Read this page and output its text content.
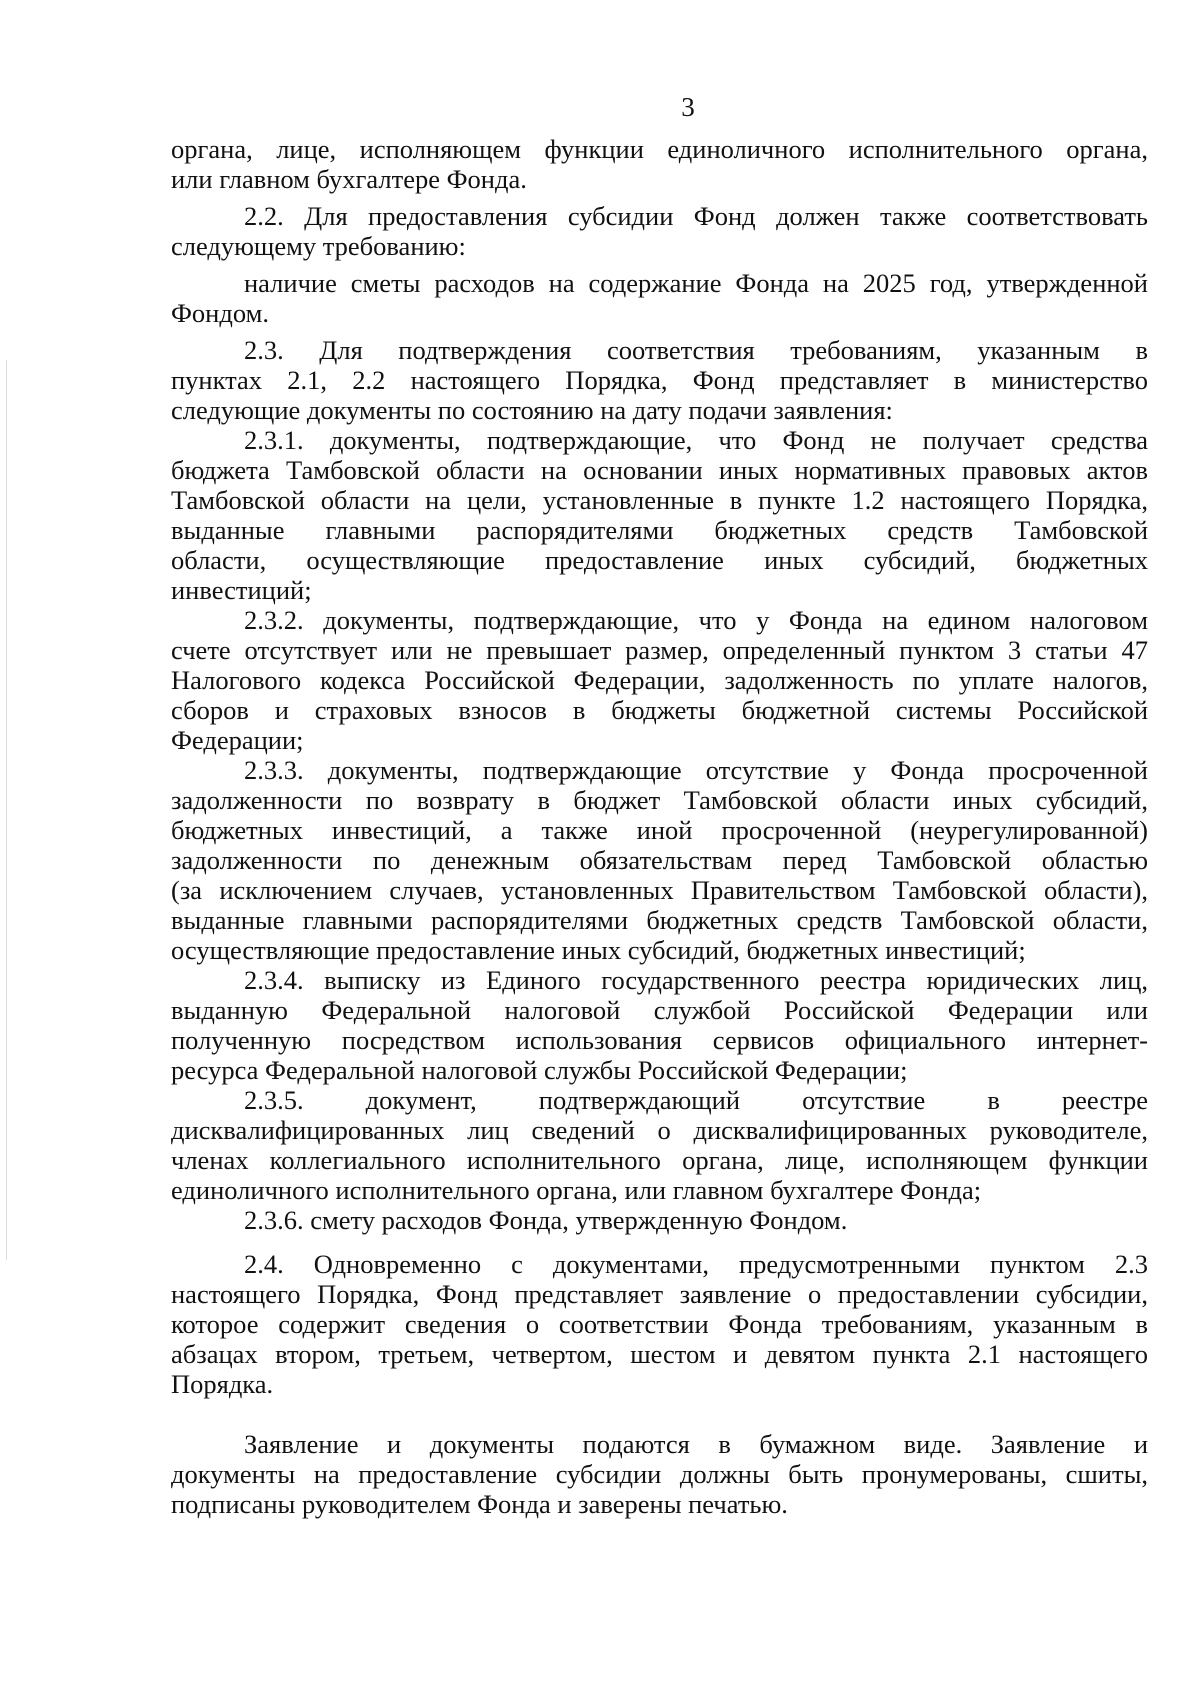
3

органа, лице, исполняющем функции единоличного исполнительного органа,
или главном бухгалтере Фонда.

2.2. Для предоставления субсидии Фонд должен также соответствовать
следующему требованию:

наличие сметы расходов на содержание Фонда на 2025 год, утвержденной
Фондом.

2.3. Для подтверждения соответствия требованиям, указанным в
пунктах 2.1, 2.2 настоящего Порядка, Фонд представляет в министерство
следующие документы по состоянию на дату подачи заявления:

2.3.1. документы, подтверждающие, что Фонд не получает средства
бюджета Тамбовской области на основании иных нормативных правовых актов
Тамбовской области на цели, установленные в пункте 1.2 настоящего Порядка,
выданные главными распорядителями бюджетных средств Тамбовской
области, осуществляющие предоставление иных субсидий, бюджетных
инвестиций;

2.3.2. документы, подтверждающие, что у Фонда на едином налоговом
счете отсутствует или не превышает размер, определенный пунктом 3 статьи 47
Налогового кодекса Российской Федерации, задолженность по уплате налогов,
сборов и страховых взносов в бюджеты бюджетной системы Российской
Федерации;

2.3.3. документы, подтверждающие отсутствие у Фонда просроченной
задолженности по возврату в бюджет Тамбовской области иных субсидий,
бюджетных инвестиций, а также иной просроченной (неурегулированной)
задолженности по денежным обязательствам перед Тамбовской областью
(за исключением случаев, установленных Правительством Тамбовской области),
выданные главными распорядителями бюджетных средств Тамбовской области,
осуществляющие предоставление иных субсидий, бюджетных инвестиций;

2.3.4. выписку из Единого государственного реестра юридических лиц,
выданную Федеральной налоговой службой Российской Федерации или
полученную посредством использования сервисов официального интернет-
ресурса Федеральной налоговой службы Российской Федерации;

2.3.5. документ, подтверждающий отсутствие в реестре
дисквалифицированных лиц сведений о дисквалифицированных руководителе,
членах коллегиального исполнительного органа, лице, исполняющем функции
единоличного исполнительного органа, или главном бухгалтере Фонда;

2.3.6. смету расходов Фонда, утвержденную Фондом.

2.4. Одновременно с документами, предусмотренными пунктом 2.3
настоящего Порядка, Фонд представляет заявление о предоставлении субсидии,
которое содержит сведения о соответствии Фонда требованиям, указанным в
абзацах втором, третьем, четвертом, шестом и девятом пункта 2.1 настоящего
Порядка.

Заявление и документы подаются в бумажном виде. Заявление и
документы на предоставление субсидии должны быть пронумерованы, сшиты,
подписаны руководителем Фонда и заверены печатью.
